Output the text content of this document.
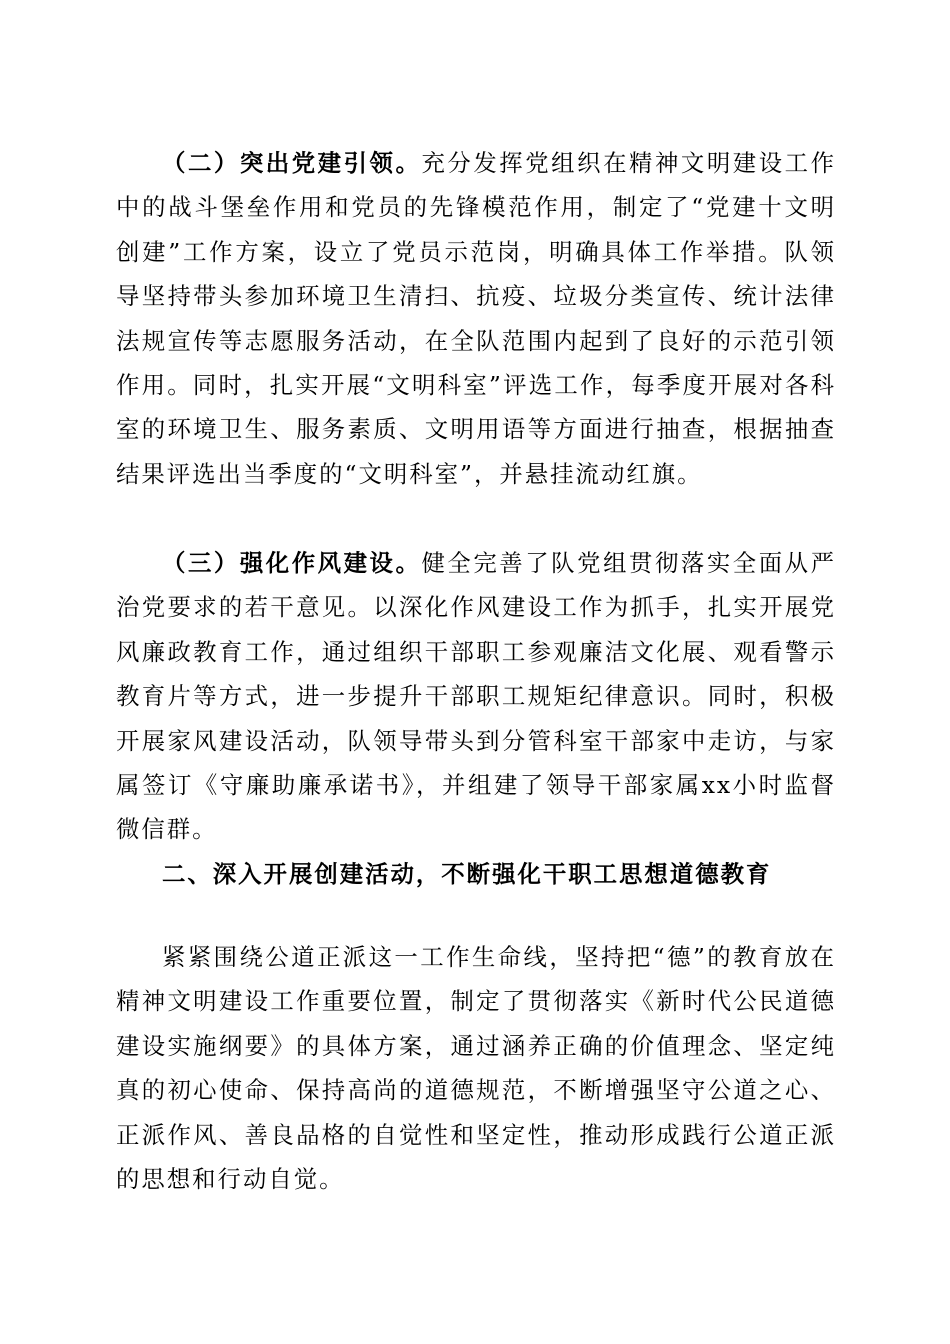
（二）突出党建引领。充分发挥党组织在精神文明建设工作中的战斗堡垒作用和党员的先锋模范作用，制定了“党建十文明创建”工作方案，设立了党员示范岗，明确具体工作举措。队领导坚持带头参加环境卫生清扫、抗疫、垃圾分类宣传、统计法律法规宣传等志愿服务活动，在全队范围内起到了良好的示范引领作用。同时，扎实开展“文明科室”评选工作，每季度开展对各科室的环境卫生、服务素质、文明用语等方面进行抽查，根据抽查结果评选出当季度的“文明科室”，并悬挂流动红旗。

（三）强化作风建设。健全完善了队党组贯彻落实全面从严治党要求的若干意见。以深化作风建设工作为抓手，扎实开展党风廉政教育工作，通过组织干部职工参观廉洁文化展、观看警示教育片等方式，进一步提升干部职工规矩纪律意识。同时，积极开展家风建设活动，队领导带头到分管科室干部家中走访，与家属签订《守廉助廉承诺书》，并组建了领导干部家属xx小时监督微信群。

二、深入开展创建活动，不断强化干职工思想道德教育

紧紧围绕公道正派这一工作生命线，坚持把“德”的教育放在精神文明建设工作重要位置，制定了贯彻落实《新时代公民道德建设实施纲要》的具体方案，通过涵养正确的价值理念、坚定纯真的初心使命、保持高尚的道德规范，不断增强坚守公道之心、正派作风、善良品格的自觉性和坚定性，推动形成践行公道正派的思想和行动自觉。
